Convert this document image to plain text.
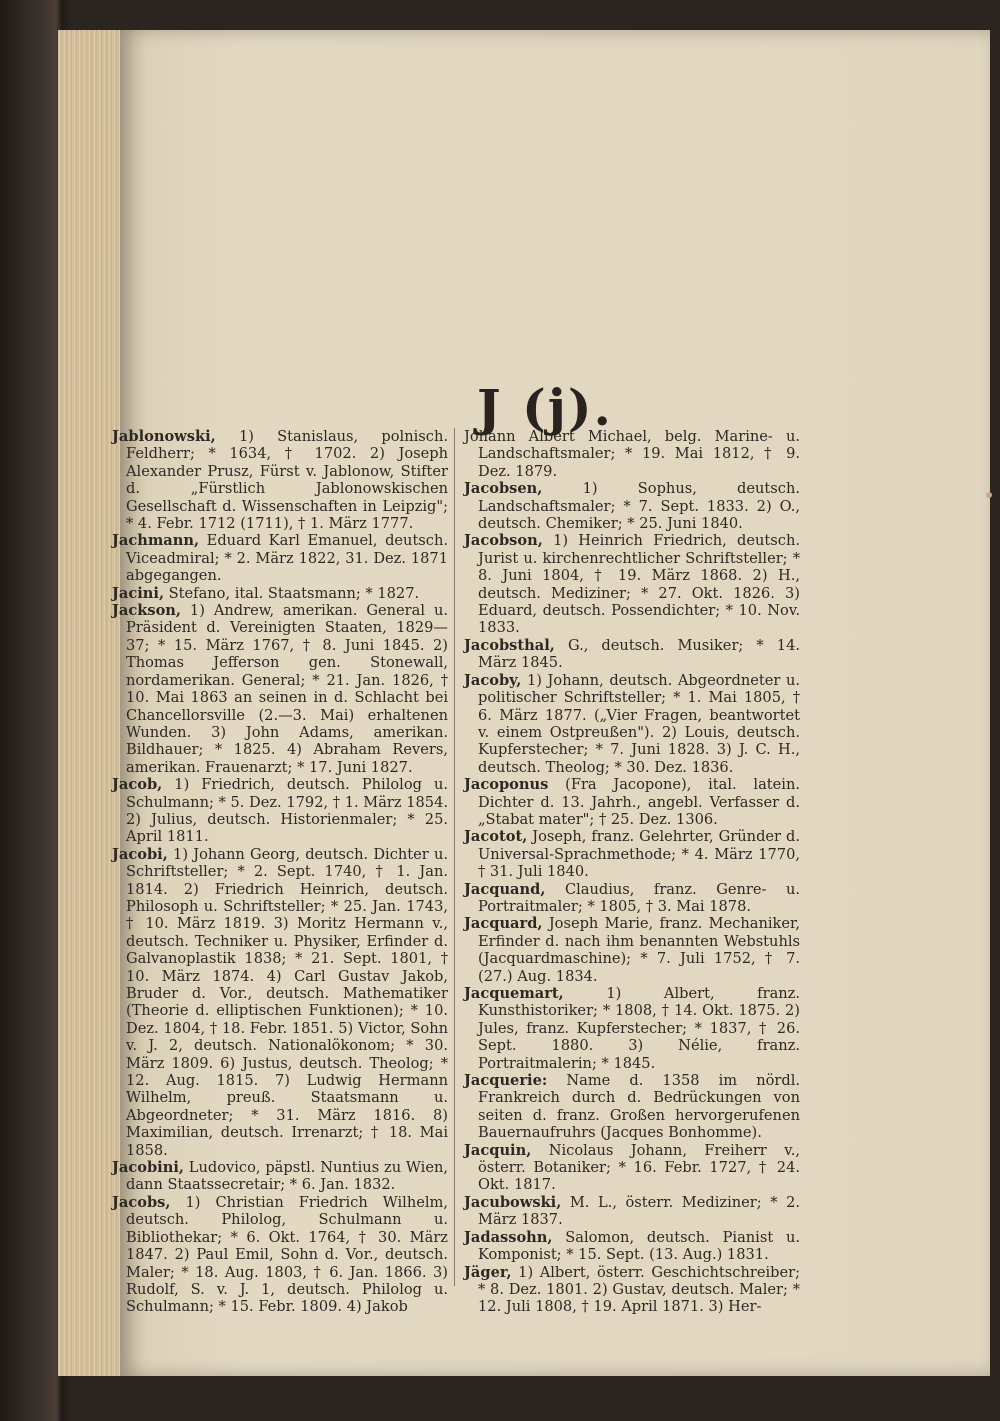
J (j).
Jablonowski, 1) Stanislaus, polnisch. Feldherr; * 1634, † 1702. 2) Joseph Alexander Prusz, Fürst v. Jablonow, Stifter d. „Fürstlich Jablonowskischen Gesellschaft d. Wissenschaften in Leipzig"; * 4. Febr. 1712 (1711), † 1. März 1777.
Jachmann, Eduard Karl Emanuel, deutsch. Viceadmiral; * 2. März 1822, 31. Dez. 1871 abgegangen.
Jacini, Stefano, ital. Staatsmann; * 1827.
Jackson, 1) Andrew, amerikan. General u. Präsident d. Vereinigten Staaten, 1829—37; * 15. März 1767, † 8. Juni 1845. 2) Thomas Jefferson gen. Stonewall, nordamerikan. General; * 21. Jan. 1826, † 10. Mai 1863 an seinen in d. Schlacht bei Chancellorsville (2.—3. Mai) erhaltenen Wunden. 3) John Adams, amerikan. Bildhauer; * 1825. 4) Abraham Revers, amerikan. Frauenarzt; * 17. Juni 1827.
Jacob, 1) Friedrich, deutsch. Philolog u. Schulmann; * 5. Dez. 1792, † 1. März 1854. 2) Julius, deutsch. Historienmaler; * 25. April 1811.
Jacobi, 1) Johann Georg, deutsch. Dichter u. Schriftsteller; * 2. Sept. 1740, † 1. Jan. 1814. 2) Friedrich Heinrich, deutsch. Philosoph u. Schriftsteller; * 25. Jan. 1743, † 10. März 1819. 3) Moritz Hermann v., deutsch. Techniker u. Physiker, Erfinder d. Galvanoplastik 1838; * 21. Sept. 1801, † 10. März 1874. 4) Carl Gustav Jakob, Bruder d. Vor., deutsch. Mathematiker (Theorie d. elliptischen Funktionen); * 10. Dez. 1804, † 18. Febr. 1851. 5) Victor, Sohn v. J. 2, deutsch. Nationalökonom; * 30. März 1809. 6) Justus, deutsch. Theolog; * 12. Aug. 1815. 7) Ludwig Hermann Wilhelm, preuß. Staatsmann u. Abgeordneter; * 31. März 1816. 8) Maximilian, deutsch. Irrenarzt; † 18. Mai 1858.
Jacobini, Ludovico, päpstl. Nuntius zu Wien, dann Staatssecretair; * 6. Jan. 1832.
Jacobs, 1) Christian Friedrich Wilhelm, deutsch. Philolog, Schulmann u. Bibliothekar; * 6. Okt. 1764, † 30. März 1847. 2) Paul Emil, Sohn d. Vor., deutsch. Maler; * 18. Aug. 1803, † 6. Jan. 1866. 3) Rudolf, S. v. J. 1, deutsch. Philolog u. Schulmann; * 15. Febr. 1809. 4) Jakob
Johann Albert Michael, belg. Marine- u. Landschaftsmaler; * 19. Mai 1812, † 9. Dez. 1879.
Jacobsen,	1) Sophus, deutsch. Landschaftsmaler; * 7. Sept. 1833. 2) O., deutsch. Chemiker; * 25. Juni 1840.
Jacobson, 1) Heinrich Friedrich, deutsch. Jurist u. kirchenrechtlicher Schriftsteller; * 8. Juni 1804, † 19. März 1868. 2) H., deutsch. Mediziner; * 27. Okt. 1826. 3) Eduard, deutsch. Possendichter; * 10. Nov. 1833.
Jacobsthal, G., deutsch. Musiker; * 14. März 1845.
Jacoby, 1) Johann, deutsch. Abgeordneter u. politischer Schriftsteller; * 1. Mai 1805, † 6. März 1877. („Vier Fragen, beantwortet v. einem Ostpreußen"). 2) Louis, deutsch. Kupferstecher; * 7. Juni 1828. 3) J. C. H., deutsch. Theolog; * 30. Dez. 1836.
Jacoponus (Fra Jacopone), ital. latein. Dichter d. 13. Jahrh., angebl. Verfasser d. „Stabat mater"; † 25. Dez. 1306.
Jacotot, Joseph, franz. Gelehrter, Gründer d. Universal-Sprachmethode; * 4. März 1770, † 31. Juli 1840.
Jacquand, Claudius, franz. Genre- u. Portraitmaler; * 1805, † 3. Mai 1878.
Jacquard, Joseph Marie, franz. Mechaniker, Erfinder d. nach ihm benannten Webstuhls (Jacquardmaschine); * 7. Juli 1752, † 7. (27.) Aug. 1834.
Jacquemart,	1) Albert, franz. Kunsthistoriker; * 1808, † 14. Okt. 1875. 2) Jules, franz. Kupferstecher; * 1837, † 26. Sept. 1880. 3) Nélie, franz. Portraitmalerin; * 1845.
Jacquerie: Name d. 1358 im nördl. Frankreich durch d. Bedrückungen von seiten d. franz. Großen hervorgerufenen Bauernaufruhrs (Jacques Bonhomme).
Jacquin, Nicolaus Johann, Freiherr v., österr. Botaniker; * 16. Febr. 1727, † 24. Okt. 1817.
Jacubowski, M. L., österr. Mediziner; * 2. März 1837.
Jadassohn, Salomon, deutsch. Pianist u. Komponist; * 15. Sept. (13. Aug.) 1831.
Jäger, 1) Albert, österr. Geschichtschreiber; * 8. Dez. 1801. 2) Gustav, deutsch. Maler; * 12. Juli 1808, † 19. April 1871. 3) Her-
